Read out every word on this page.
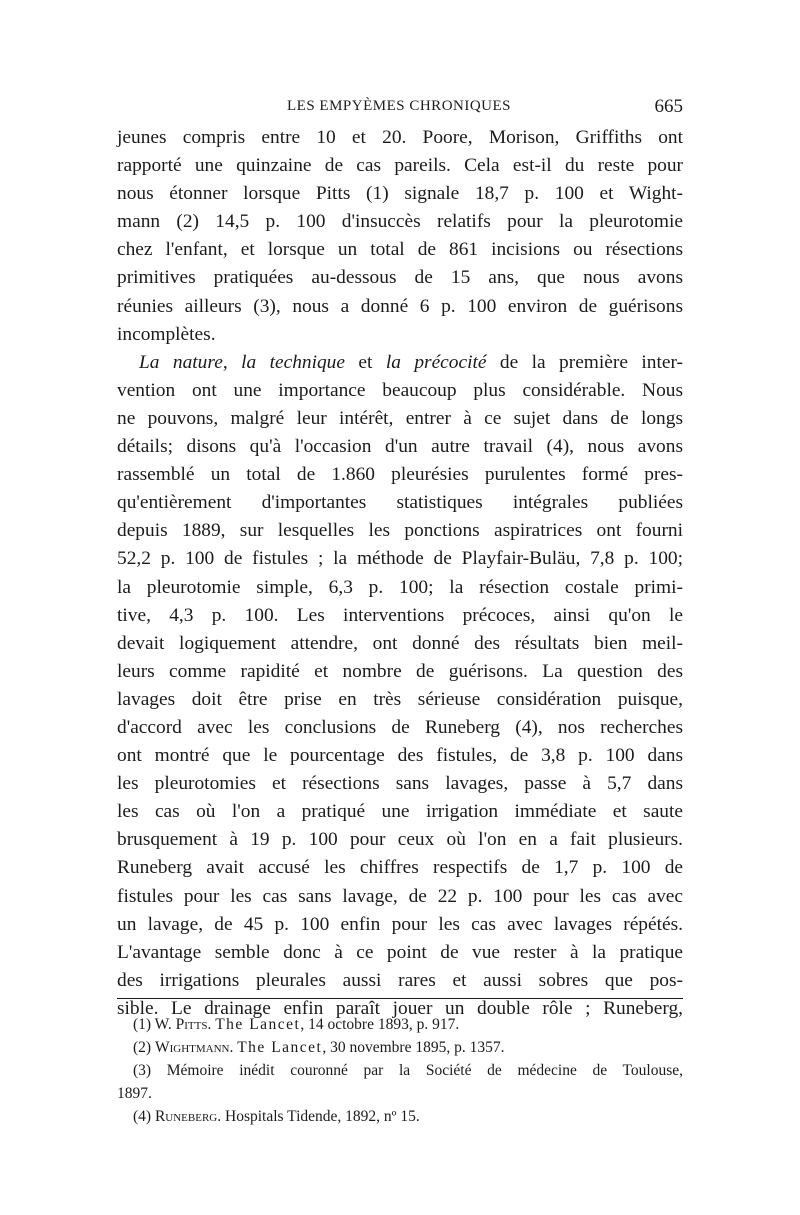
LES EMPYÈMES CHRONIQUES	665
jeunes compris entre 10 et 20. Poore, Morison, Griffiths ont
rapporté une quinzaine de cas pareils. Cela est-il du reste pour
nous étonner lorsque Pitts (1) signale 18,7 p. 100 et Wight-
mann (2) 14,5 p. 100 d'insuccès relatifs pour la pleurotomie
chez l'enfant, et lorsque un total de 861 incisions ou résections
primitives pratiquées au-dessous de 15 ans, que nous avons
réunies ailleurs (3), nous a donné 6 p. 100 environ de guérisons
incomplètes.
La nature, la technique et la précocité de la première inter-
vention ont une importance beaucoup plus considérable. Nous
ne pouvons, malgré leur intérêt, entrer à ce sujet dans de longs
détails; disons qu'à l'occasion d'un autre travail (4), nous avons
rassemblé un total de 1.860 pleurésies purulentes formé pres-
qu'entièrement d'importantes statistiques intégrales publiées
depuis 1889, sur lesquelles les ponctions aspiratrices ont fourni
52,2 p. 100 de fistules ; la méthode de Playfair-Buläu, 7,8 p. 100;
la pleurotomie simple, 6,3 p. 100; la résection costale primi-
tive, 4,3 p. 100. Les interventions précoces, ainsi qu'on le
devait logiquement attendre, ont donné des résultats bien meil-
leurs comme rapidité et nombre de guérisons. La question des
lavages doit être prise en très sérieuse considération puisque,
d'accord avec les conclusions de Runeberg (4), nos recherches
ont montré que le pourcentage des fistules, de 3,8 p. 100 dans
les pleurotomies et résections sans lavages, passe à 5,7 dans
les cas où l'on a pratiqué une irrigation immédiate et saute
brusquement à 19 p. 100 pour ceux où l'on en a fait plusieurs.
Runeberg avait accusé les chiffres respectifs de 1,7 p. 100 de
fistules pour les cas sans lavage, de 22 p. 100 pour les cas avec
un lavage, de 45 p. 100 enfin pour les cas avec lavages répétés.
L'avantage semble donc à ce point de vue rester à la pratique
des irrigations pleurales aussi rares et aussi sobres que pos-
sible. Le drainage enfin paraît jouer un double rôle ; Runeberg,
(1) W. Pitts. The Lancet, 14 octobre 1893, p. 917.
(2) Wightmann. The Lancet, 30 novembre 1895, p. 1357.
(3) Mémoire inédit couronné par la Société de médecine de Toulouse,
1897.
(4) Runeberg. Hospitals Tidende, 1892, nº 15.
